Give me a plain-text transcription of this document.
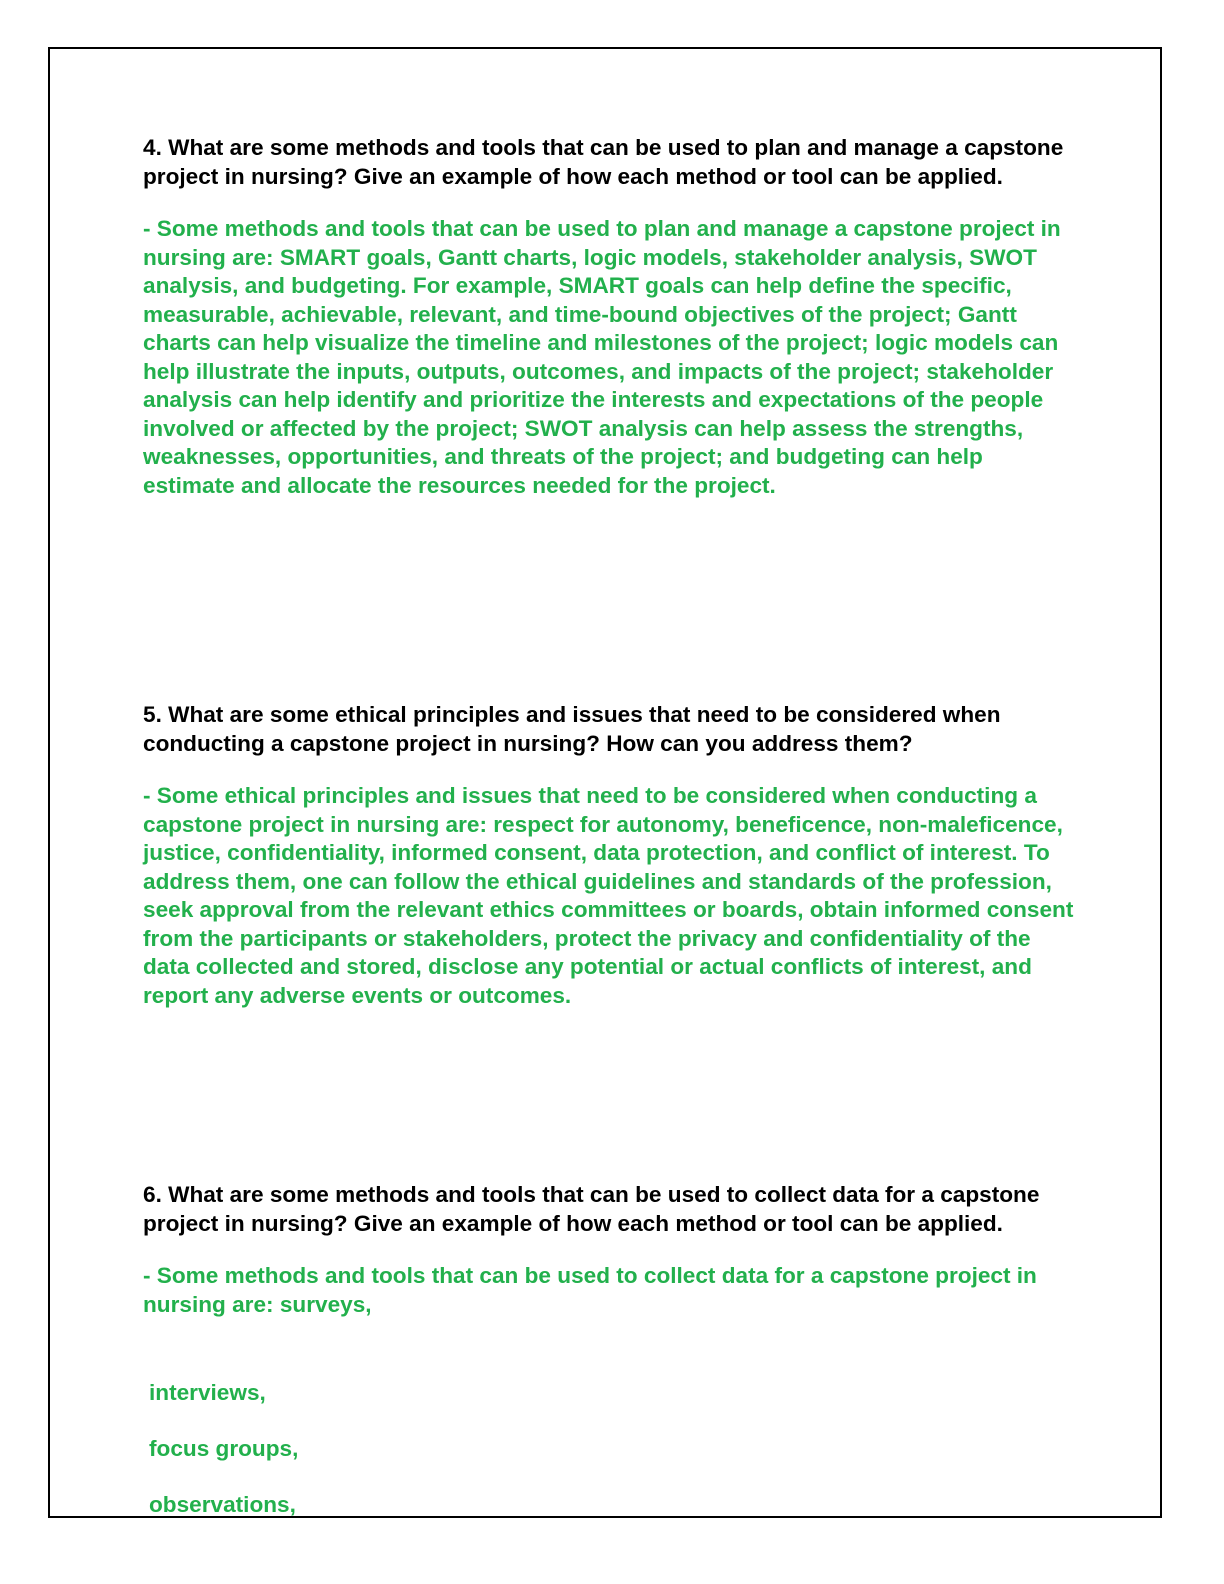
4. What are some methods and tools that can be used to plan and manage a capstone project in nursing? Give an example of how each method or tool can be applied.

- Some methods and tools that can be used to plan and manage a capstone project in nursing are: SMART goals, Gantt charts, logic models, stakeholder analysis, SWOT analysis, and budgeting. For example, SMART goals can help define the specific, measurable, achievable, relevant, and time-bound objectives of the project; Gantt charts can help visualize the timeline and milestones of the project; logic models can help illustrate the inputs, outputs, outcomes, and impacts of the project; stakeholder analysis can help identify and prioritize the interests and expectations of the people involved or affected by the project; SWOT analysis can help assess the strengths, weaknesses, opportunities, and threats of the project; and budgeting can help estimate and allocate the resources needed for the project.

5. What are some ethical principles and issues that need to be considered when conducting a capstone project in nursing? How can you address them?

- Some ethical principles and issues that need to be considered when conducting a capstone project in nursing are: respect for autonomy, beneficence, non-maleficence, justice, confidentiality, informed consent, data protection, and conflict of interest. To address them, one can follow the ethical guidelines and standards of the profession, seek approval from the relevant ethics committees or boards, obtain informed consent from the participants or stakeholders, protect the privacy and confidentiality of the data collected and stored, disclose any potential or actual conflicts of interest, and report any adverse events or outcomes.

6. What are some methods and tools that can be used to collect data for a capstone project in nursing? Give an example of how each method or tool can be applied.

- Some methods and tools that can be used to collect data for a capstone project in nursing are: surveys,

interviews,
focus groups,
observations,
